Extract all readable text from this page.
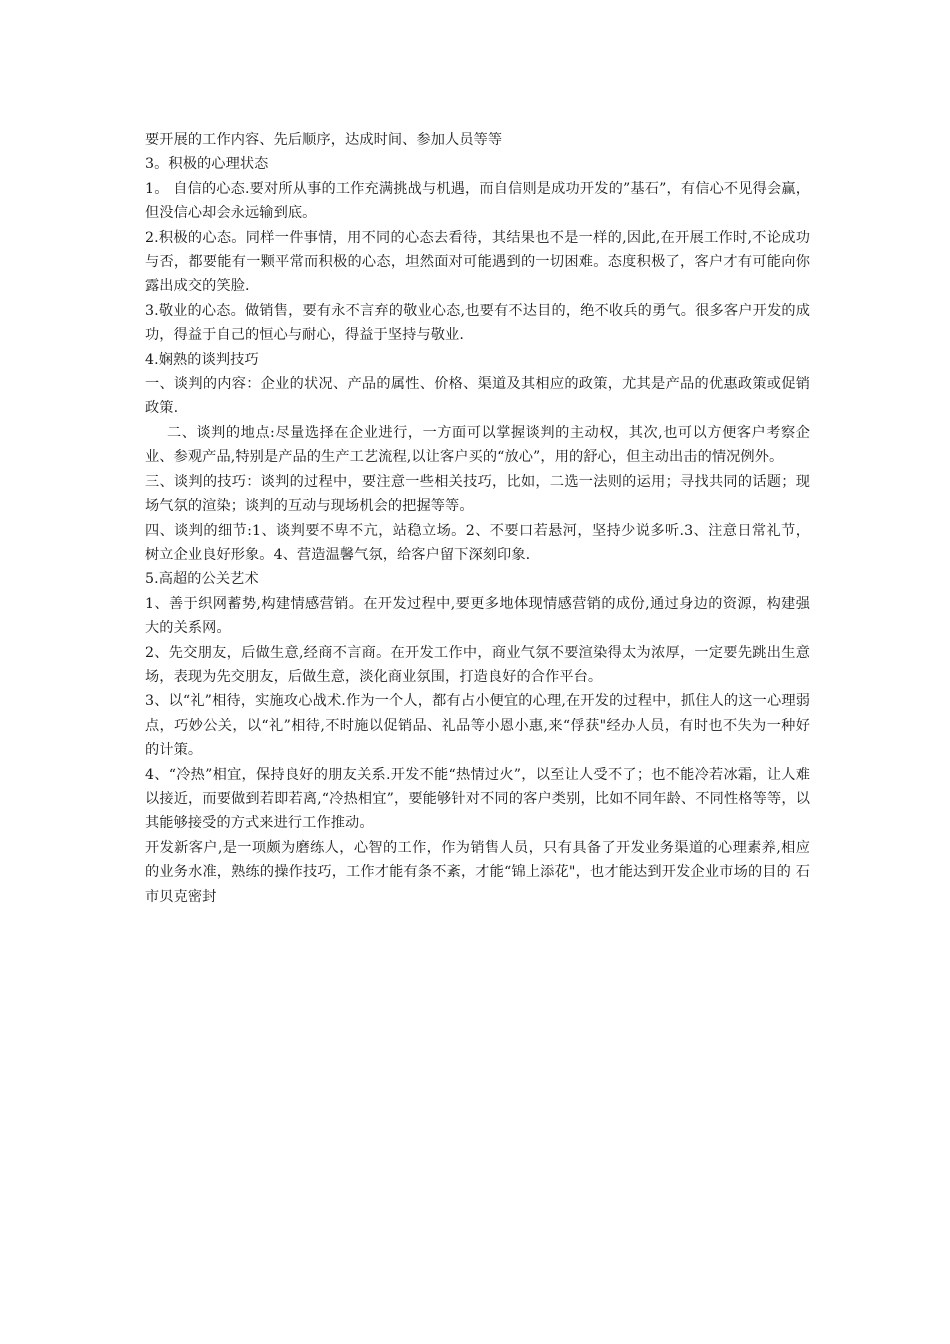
要开展的工作内容、先后顺序，达成时间、参加人员等等

3。积极的心理状态

1。 自信的心态.要对所从事的工作充满挑战与机遇，而自信则是成功开发的”基石”，有信心不见得会赢，但没信心却会永远输到底。

2.积极的心态。同样一件事情，用不同的心态去看待，其结果也不是一样的,因此,在开展工作时,不论成功与否，都要能有一颗平常而积极的心态，坦然面对可能遇到的一切困难。态度积极了，客户才有可能向你露出成交的笑脸.

3.敬业的心态。做销售，要有永不言弃的敬业心态,也要有不达目的，绝不收兵的勇气。很多客户开发的成功，得益于自己的恒心与耐心，得益于坚持与敬业.

4.娴熟的谈判技巧

一、谈判的内容：企业的状况、产品的属性、价格、渠道及其相应的政策，尤其是产品的优惠政策或促销政策.

二、谈判的地点:尽量选择在企业进行，一方面可以掌握谈判的主动权，其次,也可以方便客户考察企业、参观产品,特别是产品的生产工艺流程,以让客户买的“放心”，用的舒心，但主动出击的情况例外。

三、谈判的技巧：谈判的过程中，要注意一些相关技巧，比如，二选一法则的运用；寻找共同的话题；现场气氛的渲染；谈判的互动与现场机会的把握等等。

四、谈判的细节:1、谈判要不卑不亢，站稳立场。2、不要口若悬河，坚持少说多听.3、注意日常礼节，树立企业良好形象。4、营造温馨气氛，给客户留下深刻印象.

5.高超的公关艺术

1、善于织网蓄势,构建情感营销。在开发过程中,要更多地体现情感营销的成份,通过身边的资源，构建强大的关系网。

2、先交朋友，后做生意,经商不言商。在开发工作中，商业气氛不要渲染得太为浓厚，一定要先跳出生意场，表现为先交朋友，后做生意，淡化商业氛围，打造良好的合作平台。

3、以“礼”相待，实施攻心战术.作为一个人，都有占小便宜的心理,在开发的过程中，抓住人的这一心理弱点，巧妙公关，以“礼”相待,不时施以促销品、礼品等小恩小惠,来“俘获"经办人员，有时也不失为一种好的计策。

4、“冷热”相宜，保持良好的朋友关系.开发不能“热情过火”，以至让人受不了；也不能冷若冰霜，让人难以接近，而要做到若即若离,“冷热相宜”，要能够针对不同的客户类别，比如不同年龄、不同性格等等，以其能够接受的方式来进行工作推动。

开发新客户,是一项颇为磨练人，心智的工作，作为销售人员，只有具备了开发业务渠道的心理素养,相应的业务水准，熟练的操作技巧，工作才能有条不紊，才能“锦上添花"，也才能达到开发企业市场的目的 石市贝克密封
